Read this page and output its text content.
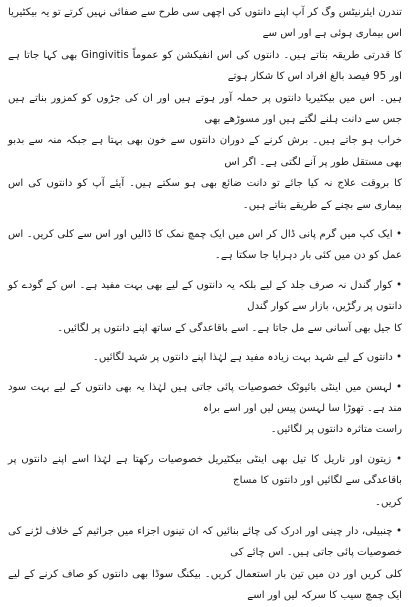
تندرن ایئرنیٹس وگ کر آپ اپنے دانتوں کی اچھی سی طرح سے صفائی نہیں کرتے تو یہ بیکٹیریا اس بیماری ہوئی ہے اور اس سے
کا قدرتی طریقہ بتاتے ہیں۔ دانتوں کی اس انفیکشن کو عموماً Gingivitis بھی کہا جاتا ہے اور 95 فیصد بالغ افراد اس کا شکار ہوتے
ہیں۔ اس میں بیکٹیریا دانتوں پر حملہ آور ہوتے ہیں اور ان کی جڑوں کو کمزور بناتے ہیں جس سے دانت ہلنے لگتے ہیں اور مسوڑھے بھی
خراب ہو جاتے ہیں۔ برش کرنے کے دوران دانتوں سے خون بھی بہتا ہے جبکہ منہ سے بدبو بھی مستقل طور پر آنے لگتی ہے۔ اگر اس
کا بروقت علاج نہ کیا جائے تو دانت ضائع بھی ہو سکتے ہیں۔ آیئے آپ کو دانتوں کی اس بیماری سے بچنے کے طریقے بتاتے ہیں۔
• ایک کپ میں گرم پانی ڈال کر اس میں ایک چمچ نمک کا ڈالیں اور اس سے کلی کریں۔ اس عمل کو دن میں کئی بار دہرایا جا سکتا ہے۔
• کوار گندل نہ صرف جلد کے لیے بلکہ یہ دانتوں کے لیے بھی بہت مفید ہے۔ اس کے گودے کو دانتوں پر رگڑیں، بازار سے کوار گندل
کا جیل بھی آسانی سے مل جاتا ہے۔ اسے باقاعدگی کے ساتھ اپنے دانتوں پر لگائیں۔
• دانتوں کے لیے شہد بہت زیادہ مفید ہے لہٰذا اپنے دانتوں پر شہد لگائیں۔
• لہسن میں اینٹی بائیوٹک خصوصیات پائی جاتی ہیں لہٰذا یہ بھی دانتوں کے لیے بہت سود مند ہے۔ تھوڑا سا لہسن پیس لیں اور اسے براہ
راست متاثرہ دانتوں پر لگائیں۔
• زیتون اور ناریل کا تیل بھی اینٹی بیکٹیریل خصوصیات رکھتا ہے لہٰذا اسے اپنے دانتوں پر باقاعدگی سے لگائیں اور دانتوں کا مساج
کریں۔
• چنبیلی، دار چینی اور ادرک کی چائے بنائیں کہ ان تینوں اجزاء میں جراثیم کے خلاف لڑنے کی خصوصیات پائی جاتی ہیں۔ اس چائے کی
کلی کریں اور دن میں تین بار استعمال کریں۔ بیکنگ سوڈا بھی دانتوں کو صاف کرنے کے لیے ایک چمچ سیب کا سرکہ لیں اور اسے
